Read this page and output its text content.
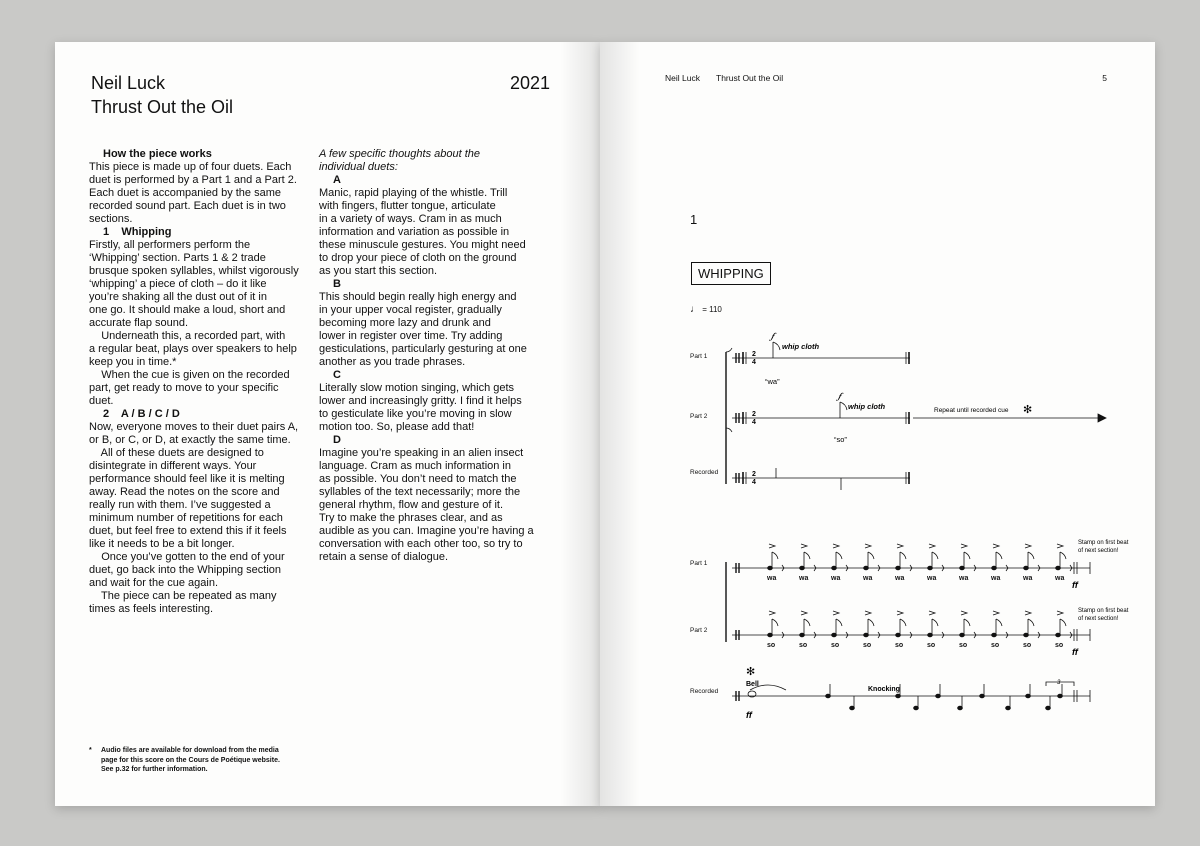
Neil Luck
Thrust Out the Oil
2021
How the piece works
This piece is made up of four duets. Each
duet is performed by a Part 1 and a Part 2.
Each duet is accompanied by the same
recorded sound part. Each duet is in two
sections.
1    Whipping
Firstly, all performers perform the
‘Whipping’ section. Parts 1 & 2 trade
brusque spoken syllables, whilst vigorously
‘whipping’ a piece of cloth – do it like
you’re shaking all the dust out of it in
one go. It should make a loud, short and
accurate flap sound.
Underneath this, a recorded part, with
a regular beat, plays over speakers to help
keep you in time.*
When the cue is given on the recorded
part, get ready to move to your specific
duet.
2    A / B / C / D
Now, everyone moves to their duet pairs A,
or B, or C, or D, at exactly the same time.
All of these duets are designed to
disintegrate in different ways. Your
performance should feel like it is melting
away. Read the notes on the score and
really run with them. I’ve suggested a
minimum number of repetitions for each
duet, but feel free to extend this if it feels
like it needs to be a bit longer.
Once you’ve gotten to the end of your
duet, go back into the Whipping section
and wait for the cue again.
The piece can be repeated as many
times as feels interesting.
A few specific thoughts about the
individual duets:
A
Manic, rapid playing of the whistle. Trill
with fingers, flutter tongue, articulate
in a variety of ways. Cram in as much
information and variation as possible in
these minuscule gestures. You might need
to drop your piece of cloth on the ground
as you start this section.
B
This should begin really high energy and
in your upper vocal register, gradually
becoming more lazy and drunk and
lower in register over time. Try adding
gesticulations, particularly gesturing at one
another as you trade phrases.
C
Literally slow motion singing, which gets
lower and increasingly gritty. I find it helps
to gesticulate like you’re moving in slow
motion too. So, please add that!
D
Imagine you’re speaking in an alien insect
language. Cram as much information in
as possible. You don’t need to match the
syllables of the text necessarily; more the
general rhythm, flow and gesture of it.
Try to make the phrases clear, and as
audible as you can. Imagine you’re having a
conversation with each other too, so try to
retain a sense of dialogue.
* Audio files are available for download from the media
page for this score on the Cours de Poétique website.
See p.32 for further information.
Neil Luck Thrust Out the Oil	5
1
WHIPPING
♩ = 110
wa	wa	wa	wa	wa	wa	wa	wa	wa	wa
so	so	so	so	so	so	so	so	so	so
2
4
2
4
2
4
𝆑
whip cloth
“wa”
𝆑
whip cloth
“so”
Repeat until recorded cue ✻
Stamp on first beat
of next section!
Stamp on first beat
of next section!
✻
Bell
Knocking
3
ff
ff
ff
Part 1
Part 2
Recorded
Part 1
Part 2
Recorded
